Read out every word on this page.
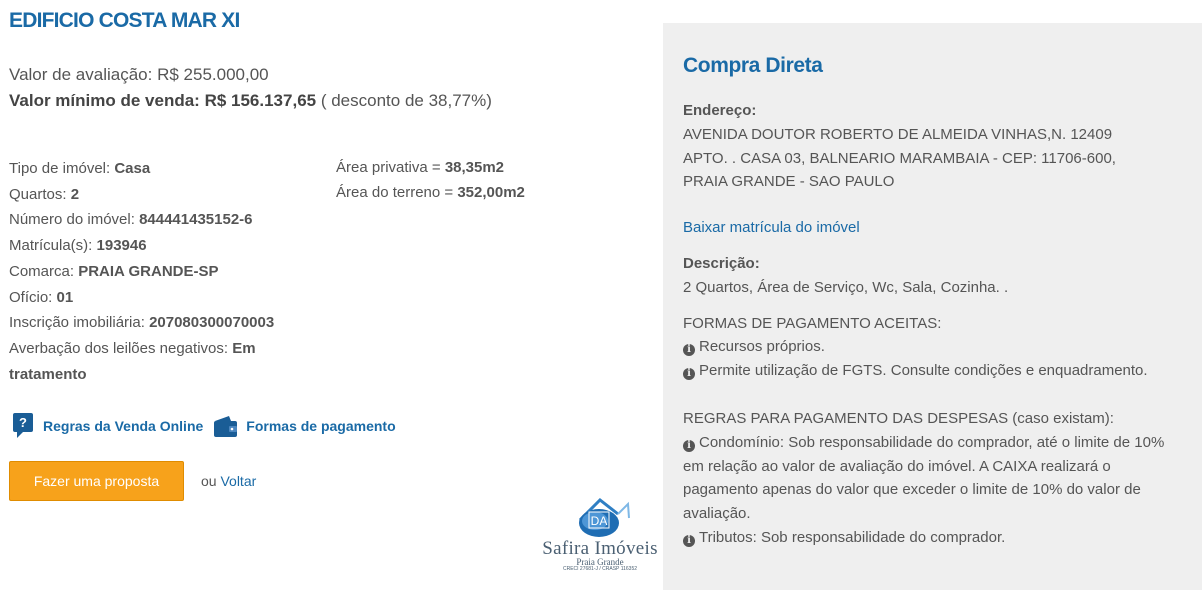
EDIFICIO COSTA MAR XI
Valor de avaliação: R$ 255.000,00
Valor mínimo de venda: R$ 156.137,65 ( desconto de 38,77%)
Tipo de imóvel: Casa
Quartos: 2
Número do imóvel: 844441435152-6
Matrícula(s): 193946
Comarca: PRAIA GRANDE-SP
Ofício: 01
Inscrição imobiliária: 207080300070003
Averbação dos leilões negativos: Em tratamento
Área privativa = 38,35m2
Área do terreno = 352,00m2
? Regras da Venda Online	Formas de pagamento
Fazer uma proposta	ou Voltar
DA
Safira Imóveis
Praia Grande
CRECI 27681-J / CRASP 116352
Compra Direta
Endereço:
AVENIDA DOUTOR ROBERTO DE ALMEIDA VINHAS,N. 12409
APTO. . CASA 03, BALNEARIO MARAMBAIA - CEP: 11706-600,
PRAIA GRANDE - SAO PAULO
Baixar matrícula do imóvel
Descrição:
2 Quartos, Área de Serviço, Wc, Sala, Cozinha. .
FORMAS DE PAGAMENTO ACEITAS:
i Recursos próprios.
i Permite utilização de FGTS. Consulte condições e enquadramento.
REGRAS PARA PAGAMENTO DAS DESPESAS (caso existam):
i Condomínio: Sob responsabilidade do comprador, até o limite de 10% em relação ao valor de avaliação do imóvel. A CAIXA realizará o pagamento apenas do valor que exceder o limite de 10% do valor de avaliação.
i Tributos: Sob responsabilidade do comprador.
